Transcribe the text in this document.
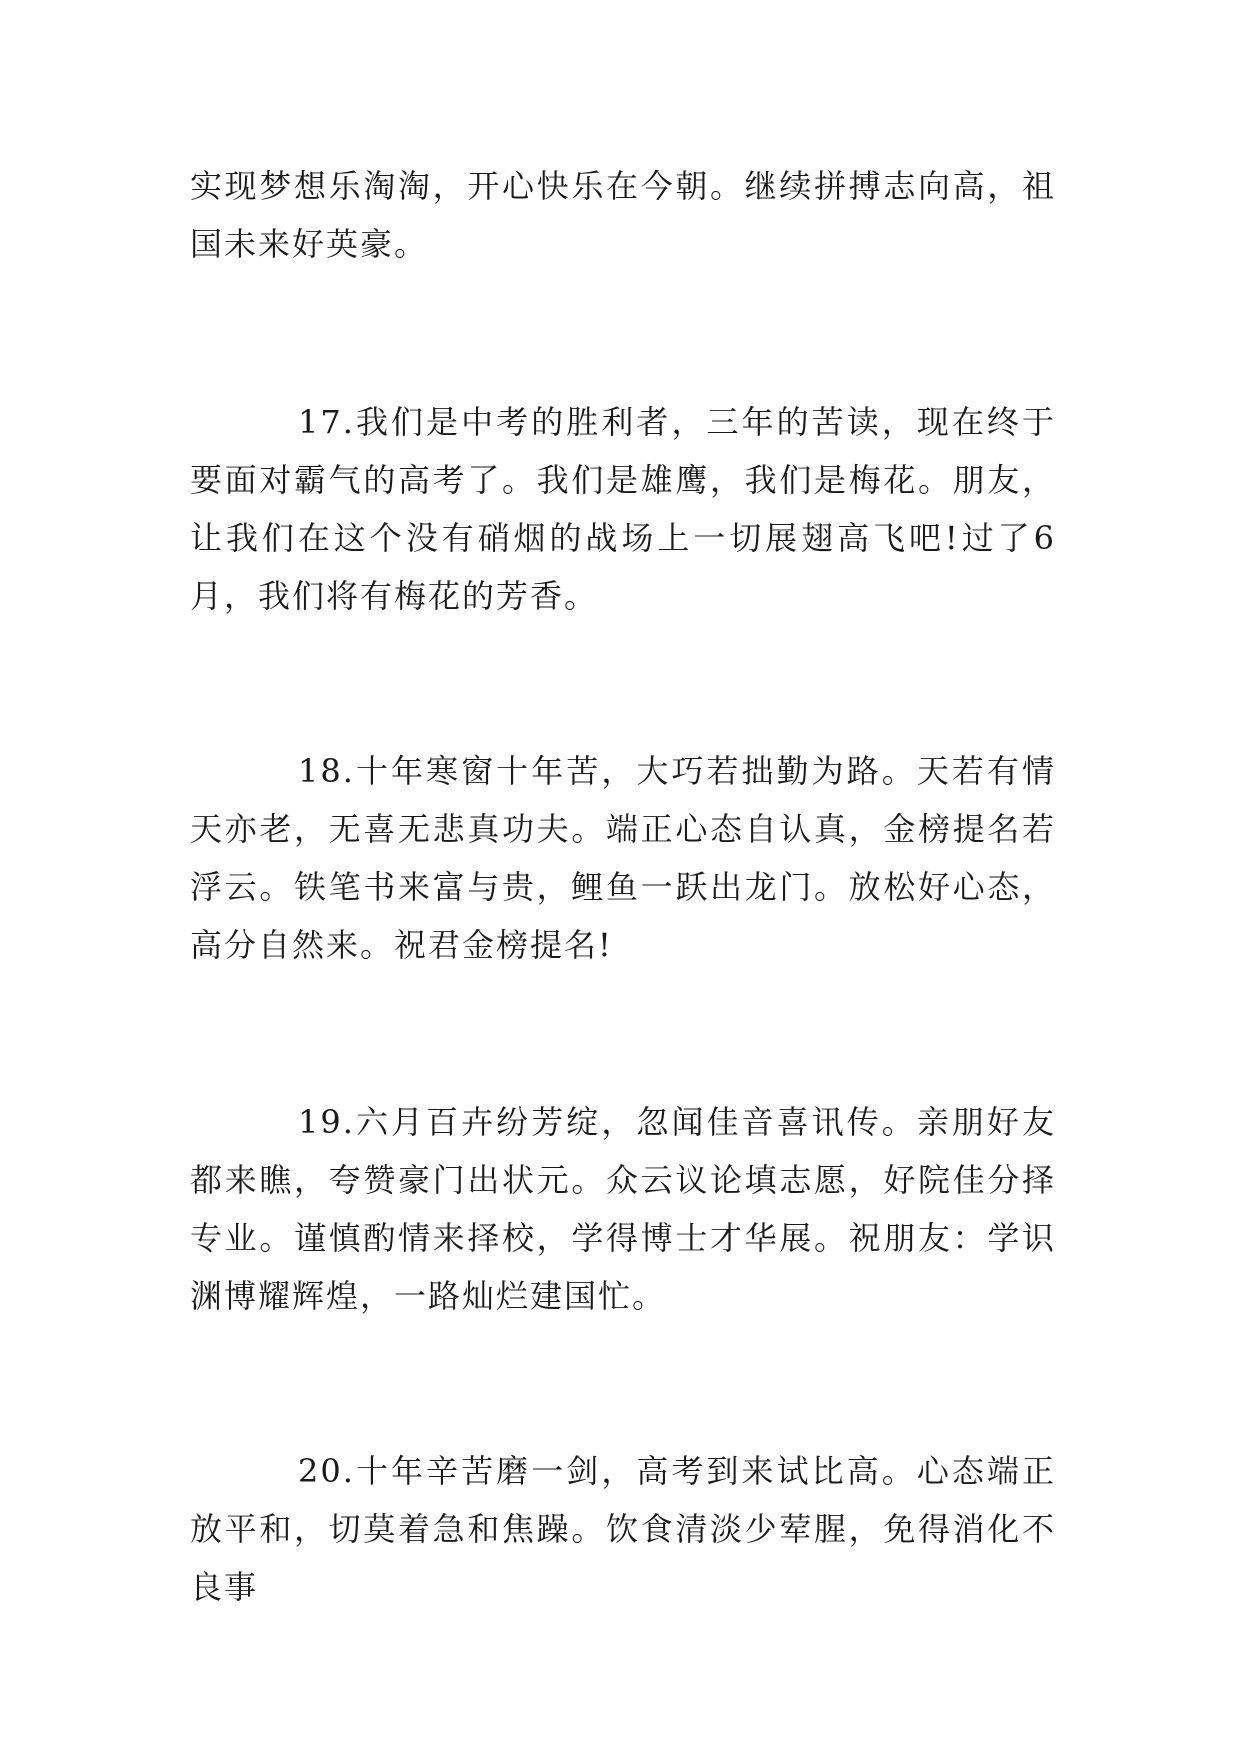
实现梦想乐淘淘，开心快乐在今朝。继续拼搏志向高，祖国未来好英豪。

17.我们是中考的胜利者，三年的苦读，现在终于要面对霸气的高考了。我们是雄鹰，我们是梅花。朋友，让我们在这个没有硝烟的战场上一切展翅高飞吧!过了6月，我们将有梅花的芳香。

18.十年寒窗十年苦，大巧若拙勤为路。天若有情天亦老，无喜无悲真功夫。端正心态自认真，金榜提名若浮云。铁笔书来富与贵，鲤鱼一跃出龙门。放松好心态，高分自然来。祝君金榜提名!

19.六月百卉纷芳绽，忽闻佳音喜讯传。亲朋好友都来瞧，夸赞豪门出状元。众云议论填志愿，好院佳分择专业。谨慎酌情来择校，学得博士才华展。祝朋友：学识渊博耀辉煌，一路灿烂建国忙。

20.十年辛苦磨一剑，高考到来试比高。心态端正放平和，切莫着急和焦躁。饮食清淡少荤腥，免得消化不良事
